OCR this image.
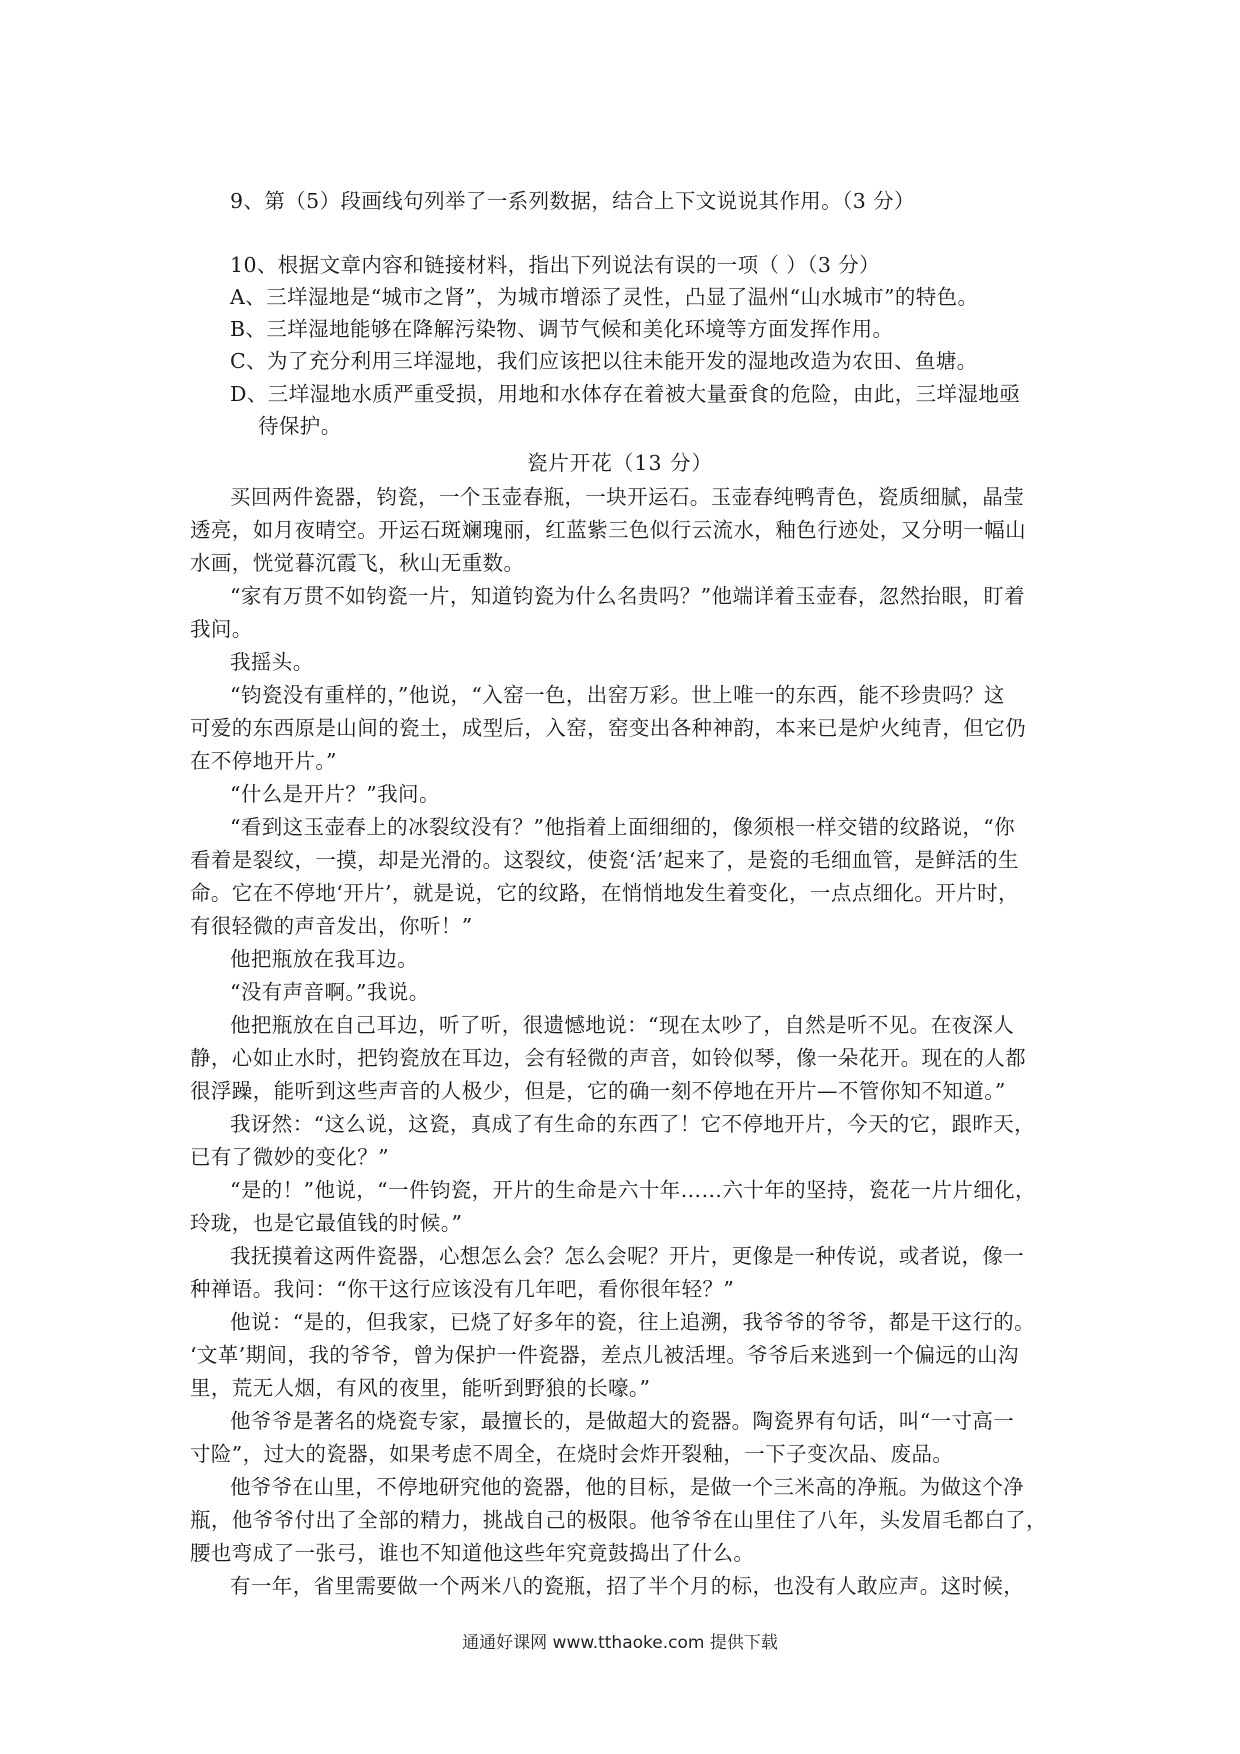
9、第（5）段画线句列举了一系列数据，结合上下文说说其作用。（3 分）
10、根据文章内容和链接材料，指出下列说法有误的一项（ ）（3 分）
A、三垟湿地是“城市之肾”，为城市增添了灵性，凸显了温州“山水城市”的特色。
B、三垟湿地能够在降解污染物、调节气候和美化环境等方面发挥作用。
C、为了充分利用三垟湿地，我们应该把以往未能开发的湿地改造为农田、鱼塘。
D、三垟湿地水质严重受损，用地和水体存在着被大量蚕食的危险，由此，三垟湿地亟
待保护。
瓷片开花（13 分）
买回两件瓷器，钧瓷，一个玉壶春瓶，一块开运石。玉壶春纯鸭青色，瓷质细腻，晶莹
透亮，如月夜晴空。开运石斑斓瑰丽，红蓝紫三色似行云流水，釉色行迹处，又分明一幅山
水画，恍觉暮沉霞飞，秋山无重数。
“家有万贯不如钧瓷一片，知道钧瓷为什么名贵吗？”他端详着玉壶春，忽然抬眼，盯着
我问。
我摇头。
“钧瓷没有重样的，”他说，“入窑一色，出窑万彩。世上唯一的东西，能不珍贵吗？这
可爱的东西原是山间的瓷土，成型后，入窑，窑变出各种神韵，本来已是炉火纯青，但它仍
在不停地开片。”
“什么是开片？”我问。
“看到这玉壶春上的冰裂纹没有？”他指着上面细细的，像须根一样交错的纹路说，“你
看着是裂纹，一摸，却是光滑的。这裂纹，使瓷‘活’起来了，是瓷的毛细血管，是鲜活的生
命。它在不停地‘开片’，就是说，它的纹路，在悄悄地发生着变化，一点点细化。开片时，
有很轻微的声音发出，你听！”
他把瓶放在我耳边。
“没有声音啊。”我说。
他把瓶放在自己耳边，听了听，很遗憾地说：“现在太吵了，自然是听不见。在夜深人
静，心如止水时，把钧瓷放在耳边，会有轻微的声音，如铃似琴，像一朵花开。现在的人都
很浮躁，能听到这些声音的人极少，但是，它的确一刻不停地在开片—不管你知不知道。”
我讶然：“这么说，这瓷，真成了有生命的东西了！它不停地开片，今天的它，跟昨天，
已有了微妙的变化？”
“是的！”他说，“一件钧瓷，开片的生命是六十年……六十年的坚持，瓷花一片片细化，
玲珑，也是它最值钱的时候。”
我抚摸着这两件瓷器，心想怎么会？怎么会呢？开片，更像是一种传说，或者说，像一
种禅语。我问：“你干这行应该没有几年吧，看你很年轻？”
他说：“是的，但我家，已烧了好多年的瓷，往上追溯，我爷爷的爷爷，都是干这行的。
‘文革’期间，我的爷爷，曾为保护一件瓷器，差点儿被活埋。爷爷后来逃到一个偏远的山沟
里，荒无人烟，有风的夜里，能听到野狼的长嚎。”
他爷爷是著名的烧瓷专家，最擅长的，是做超大的瓷器。陶瓷界有句话，叫“一寸高一
寸险”，过大的瓷器，如果考虑不周全，在烧时会炸开裂釉，一下子变次品、废品。
他爷爷在山里，不停地研究他的瓷器，他的目标，是做一个三米高的净瓶。为做这个净
瓶，他爷爷付出了全部的精力，挑战自己的极限。他爷爷在山里住了八年，头发眉毛都白了，
腰也弯成了一张弓，谁也不知道他这些年究竟鼓捣出了什么。
有一年，省里需要做一个两米八的瓷瓶，招了半个月的标，也没有人敢应声。这时候，
通通好课网 www.tthaoke.com 提供下载
